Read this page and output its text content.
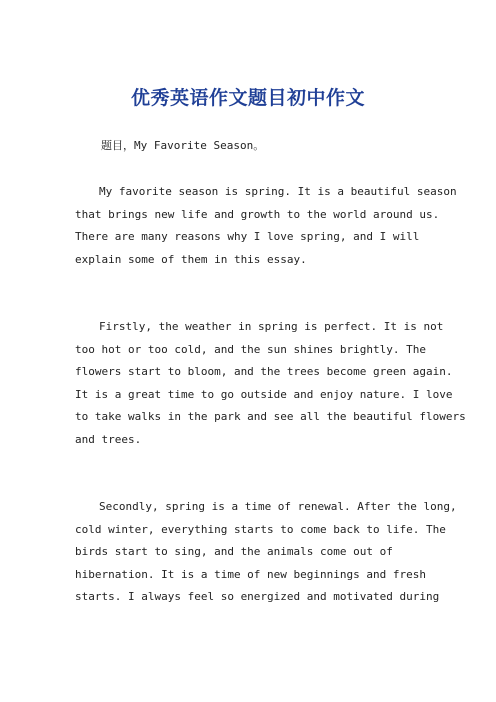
优秀英语作文题目初中作文
题目，My Favorite Season。
My favorite season is spring. It is a beautiful season
that brings new life and growth to the world around us.
There are many reasons why I love spring, and I will
explain some of them in this essay.
Firstly, the weather in spring is perfect. It is not
too hot or too cold, and the sun shines brightly. The
flowers start to bloom, and the trees become green again.
It is a great time to go outside and enjoy nature. I love
to take walks in the park and see all the beautiful flowers
and trees.
Secondly, spring is a time of renewal. After the long,
cold winter, everything starts to come back to life. The
birds start to sing, and the animals come out of
hibernation. It is a time of new beginnings and fresh
starts. I always feel so energized and motivated during
